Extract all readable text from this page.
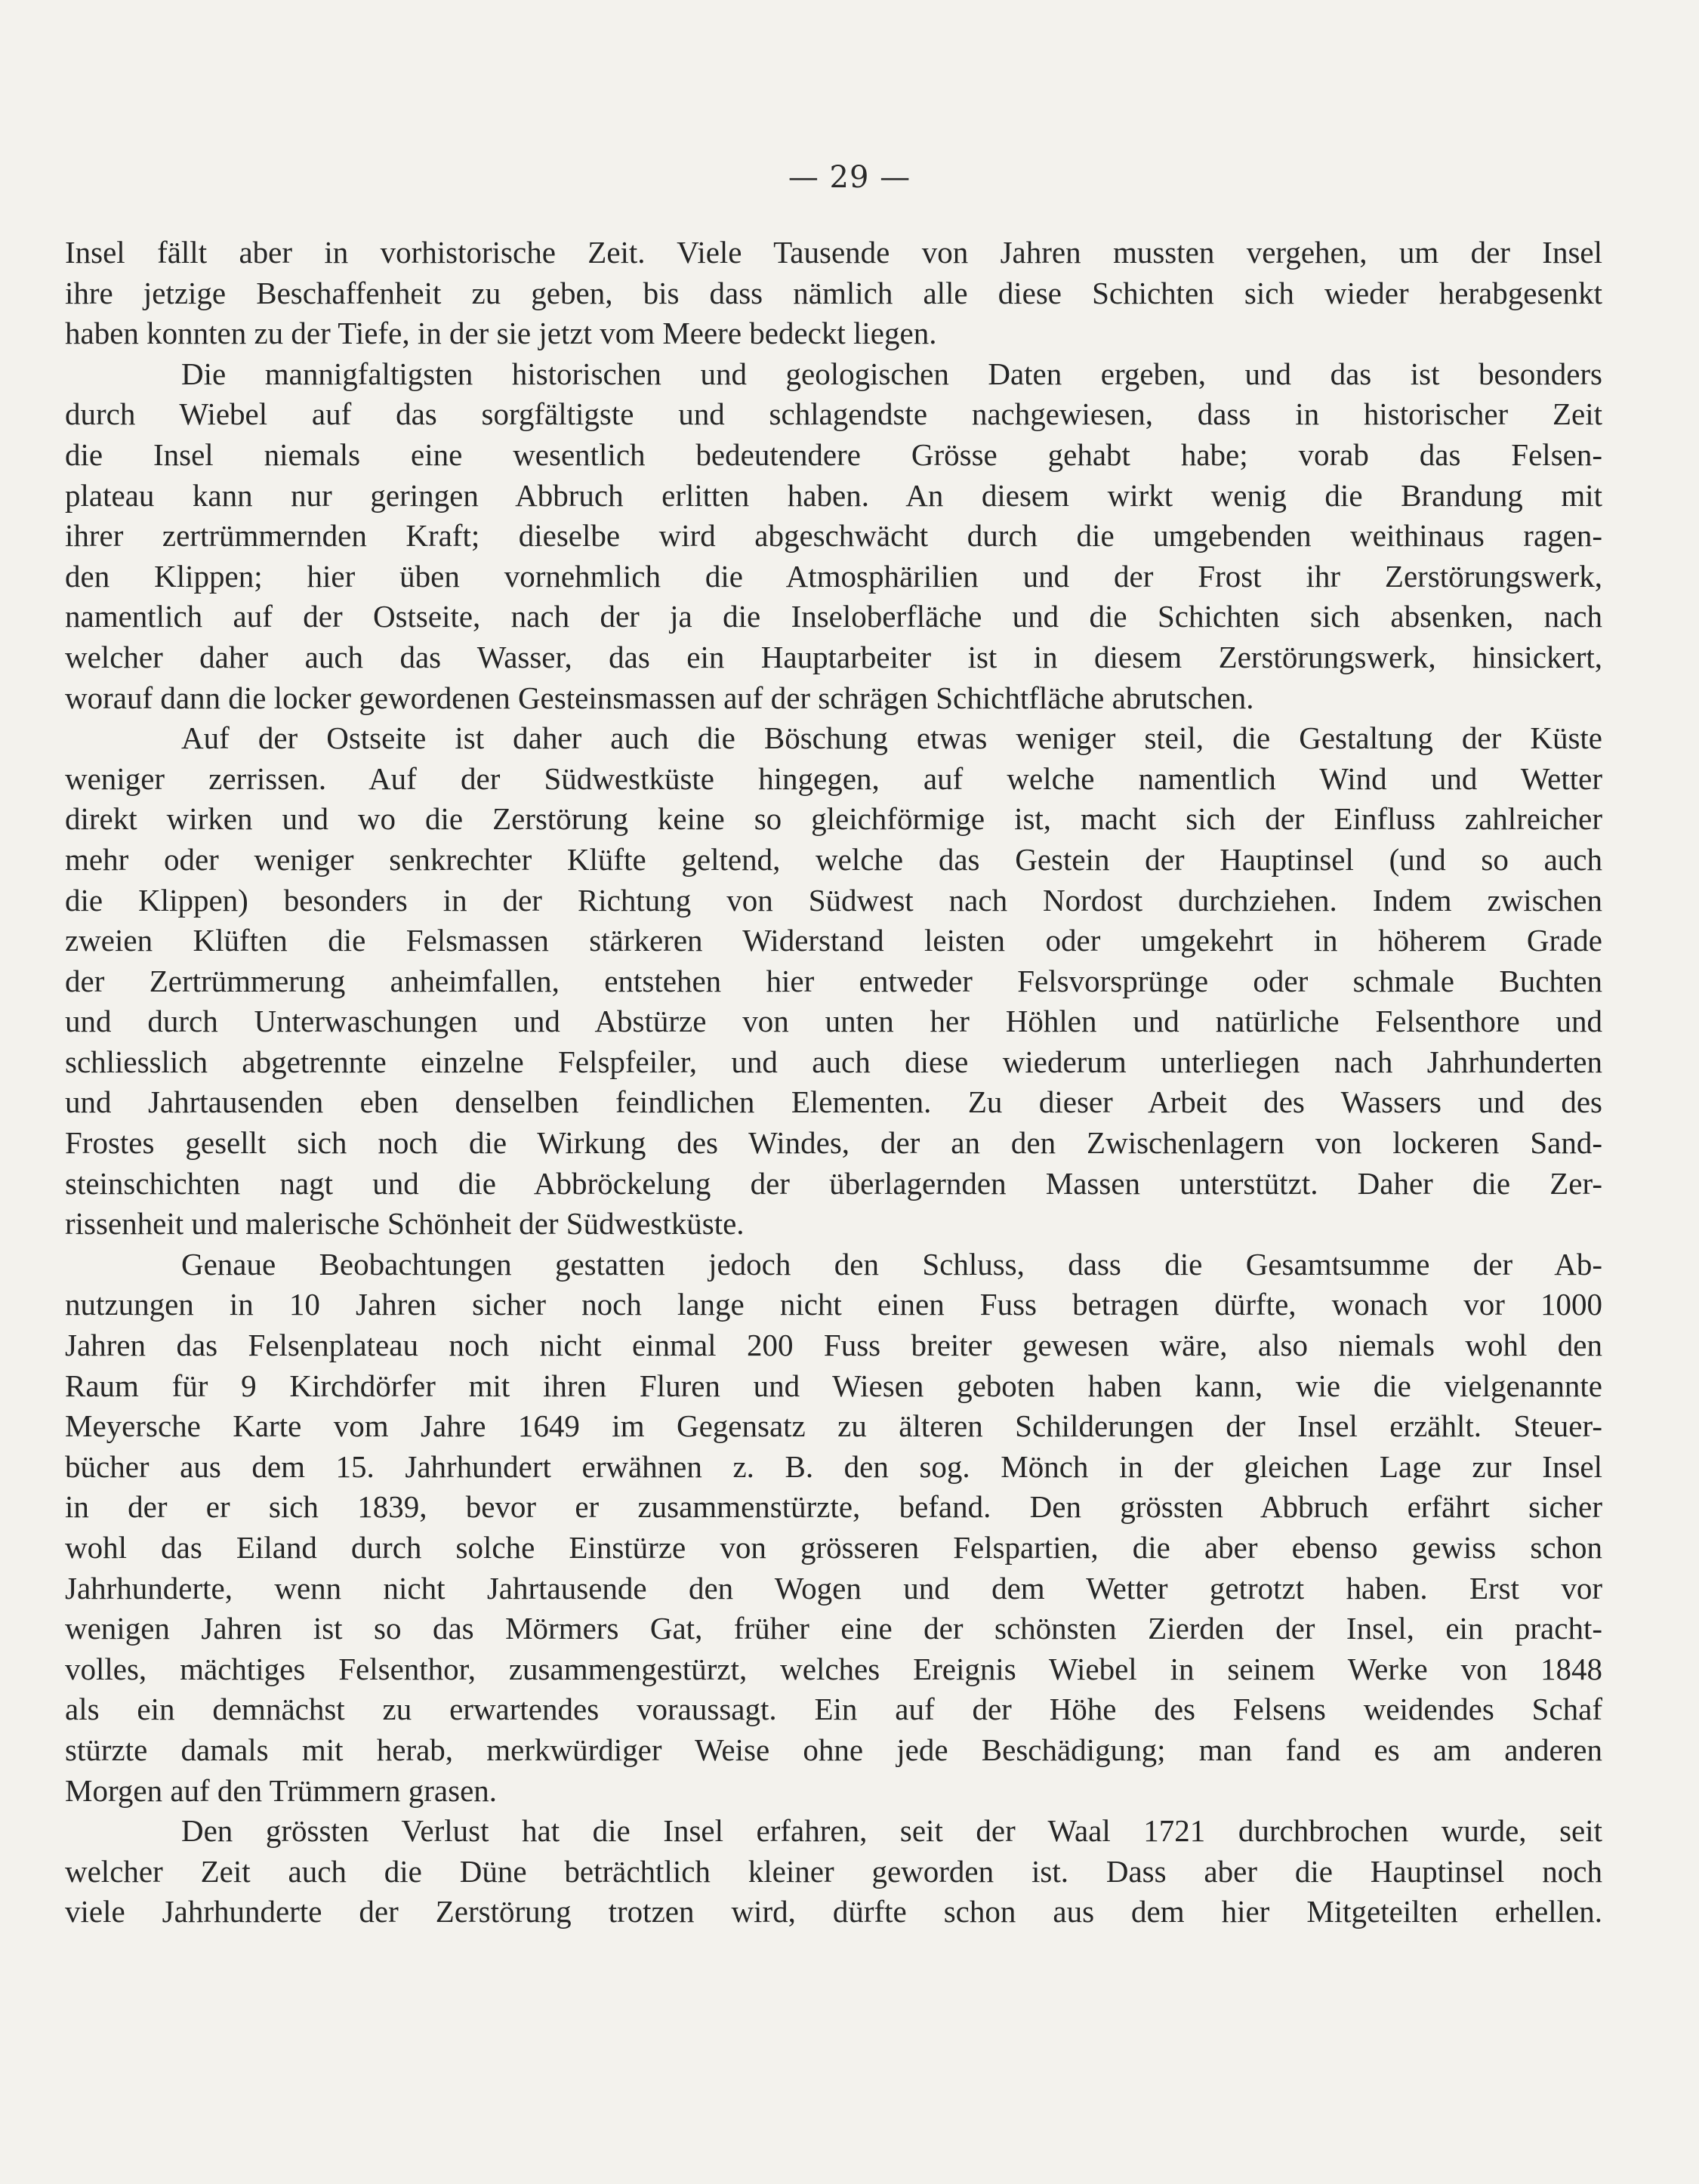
— 29 —
Insel fällt aber in vorhistorische Zeit. Viele Tausende von Jahren mussten vergehen, um der Insel
ihre jetzige Beschaffenheit zu geben, bis dass nämlich alle diese Schichten sich wieder herabgesenkt
haben konnten zu der Tiefe, in der sie jetzt vom Meere bedeckt liegen.
Die mannigfaltigsten historischen und geologischen Daten ergeben, und das ist besonders
durch Wiebel auf das sorgfältigste und schlagendste nachgewiesen, dass in historischer Zeit
die Insel niemals eine wesentlich bedeutendere Grösse gehabt habe; vorab das Felsen-
plateau kann nur geringen Abbruch erlitten haben. An diesem wirkt wenig die Brandung mit
ihrer zertrümmernden Kraft; dieselbe wird abgeschwächt durch die umgebenden weithinaus ragen-
den Klippen; hier üben vornehmlich die Atmosphärilien und der Frost ihr Zerstörungswerk,
namentlich auf der Ostseite, nach der ja die Inseloberfläche und die Schichten sich absenken, nach
welcher daher auch das Wasser, das ein Hauptarbeiter ist in diesem Zerstörungswerk, hinsickert,
worauf dann die locker gewordenen Gesteinsmassen auf der schrägen Schichtfläche abrutschen.
Auf der Ostseite ist daher auch die Böschung etwas weniger steil, die Gestaltung der Küste
weniger zerrissen. Auf der Südwestküste hingegen, auf welche namentlich Wind und Wetter
direkt wirken und wo die Zerstörung keine so gleichförmige ist, macht sich der Einfluss zahlreicher
mehr oder weniger senkrechter Klüfte geltend, welche das Gestein der Hauptinsel (und so auch
die Klippen) besonders in der Richtung von Südwest nach Nordost durchziehen. Indem zwischen
zweien Klüften die Felsmassen stärkeren Widerstand leisten oder umgekehrt in höherem Grade
der Zertrümmerung anheimfallen, entstehen hier entweder Felsvorsprünge oder schmale Buchten
und durch Unterwaschungen und Abstürze von unten her Höhlen und natürliche Felsenthore und
schliesslich abgetrennte einzelne Felspfeiler, und auch diese wiederum unterliegen nach Jahrhunderten
und Jahrtausenden eben denselben feindlichen Elementen. Zu dieser Arbeit des Wassers und des
Frostes gesellt sich noch die Wirkung des Windes, der an den Zwischenlagern von lockeren Sand-
steinschichten nagt und die Abbröckelung der überlagernden Massen unterstützt. Daher die Zer-
rissenheit und malerische Schönheit der Südwestküste.
Genaue Beobachtungen gestatten jedoch den Schluss, dass die Gesamtsumme der Ab-
nutzungen in 10 Jahren sicher noch lange nicht einen Fuss betragen dürfte, wonach vor 1000
Jahren das Felsenplateau noch nicht einmal 200 Fuss breiter gewesen wäre, also niemals wohl den
Raum für 9 Kirchdörfer mit ihren Fluren und Wiesen geboten haben kann, wie die vielgenannte
Meyersche Karte vom Jahre 1649 im Gegensatz zu älteren Schilderungen der Insel erzählt. Steuer-
bücher aus dem 15. Jahrhundert erwähnen z. B. den sog. Mönch in der gleichen Lage zur Insel
in der er sich 1839, bevor er zusammenstürzte, befand. Den grössten Abbruch erfährt sicher
wohl das Eiland durch solche Einstürze von grösseren Felspartien, die aber ebenso gewiss schon
Jahrhunderte, wenn nicht Jahrtausende den Wogen und dem Wetter getrotzt haben. Erst vor
wenigen Jahren ist so das Mörmers Gat, früher eine der schönsten Zierden der Insel, ein pracht-
volles, mächtiges Felsenthor, zusammengestürzt, welches Ereignis Wiebel in seinem Werke von 1848
als ein demnächst zu erwartendes voraussagt. Ein auf der Höhe des Felsens weidendes Schaf
stürzte damals mit herab, merkwürdiger Weise ohne jede Beschädigung; man fand es am anderen
Morgen auf den Trümmern grasen.
Den grössten Verlust hat die Insel erfahren, seit der Waal 1721 durchbrochen wurde, seit
welcher Zeit auch die Düne beträchtlich kleiner geworden ist. Dass aber die Hauptinsel noch
viele Jahrhunderte der Zerstörung trotzen wird, dürfte schon aus dem hier Mitgeteilten erhellen.
